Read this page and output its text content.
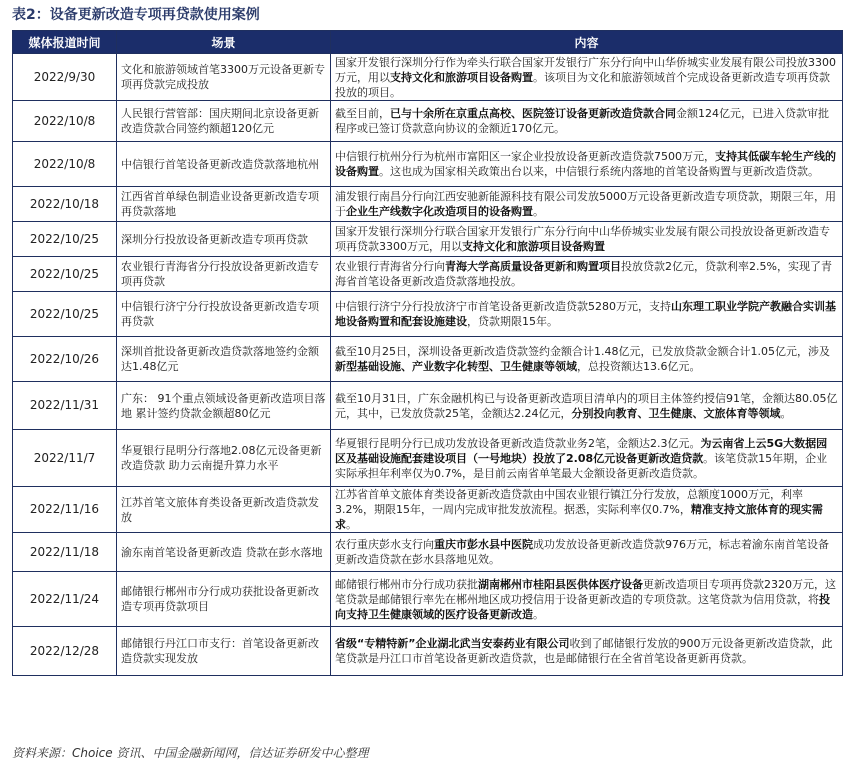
表2：设备更新改造专项再贷款使用案例
媒体报道时间	场景	内容
2022/9/30	文化和旅游领域首笔3300万元设备更新专项再贷款完成投放	国家开发银行深圳分行作为牵头行联合国家开发银行广东分行向中山华侨城实业发展有限公司投放3300万元，用以支持文化和旅游项目设备购置。该项目为文化和旅游领域首个完成设备更新改造专项再贷款投放的项目。
2022/10/8	人民银行营管部：国庆期间北京设备更新改造贷款合同签约额超120亿元	截至目前，已与十余所在京重点高校、医院签订设备更新改造贷款合同金额124亿元，已进入贷款审批程序或已签订贷款意向协议的金额近170亿元。
2022/10/8	中信银行首笔设备更新改造贷款落地杭州	中信银行杭州分行为杭州市富阳区一家企业投放设备更新改造贷款7500万元，支持其低碳车轮生产线的设备购置。这也成为国家相关政策出台以来，中信银行系统内落地的首笔设备购置与更新改造贷款。
2022/10/18	江西省首单绿色制造业设备更新改造专项再贷款落地	浦发银行南昌分行向江西安驰新能源科技有限公司发放5000万元设备更新改造专项贷款，期限三年，用于企业生产线数字化改造项目的设备购置。
2022/10/25	深圳分行投放设备更新改造专项再贷款	国家开发银行深圳分行联合国家开发银行广东分行向中山华侨城实业发展有限公司投放设备更新改造专项再贷款3300万元，用以支持文化和旅游项目设备购置
2022/10/25	农业银行青海省分行投放设备更新改造专项再贷款	农业银行青海省分行向青海大学高质量设备更新和购置项目投放贷款2亿元，贷款利率2.5%，实现了青海省首笔设备更新改造贷款落地投放。
2022/10/25	中信银行济宁分行投放设备更新改造专项再贷款	中信银行济宁分行投放济宁市首笔设备更新改造贷款5280万元，支持山东理工职业学院产教融合实训基地设备购置和配套设施建设，贷款期限15年。
2022/10/26	深圳首批设备更新改造贷款落地签约金额达1.48亿元	截至10月25日，深圳设备更新改造贷款签约金额合计1.48亿元，已发放贷款金额合计1.05亿元，涉及新型基础设施、产业数字化转型、卫生健康等领域，总投资额达13.6亿元。
2022/11/31	广东： 91个重点领域设备更新改造项目落地 累计签约贷款金额超80亿元	截至10月31日，广东金融机构已与设备更新改造项目清单内的项目主体签约授信91笔，金额达80.05亿元，其中，已发放贷款25笔，金额达2.24亿元，分别投向教育、卫生健康、文旅体育等领域。
2022/11/7	华夏银行昆明分行落地2.08亿元设备更新改造贷款 助力云南提升算力水平	华夏银行昆明分行已成功发放设备更新改造贷款业务2笔，金额达2.3亿元。为云南省上云5G大数据园区及基础设施配套建设项目（一号地块）投放了2.08亿元设备更新改造贷款。该笔贷款15年期，企业实际承担年利率仅为0.7%，是目前云南省单笔最大金额设备更新改造贷款。
2022/11/16	江苏首笔文旅体育类设备更新改造贷款发放	江苏省首单文旅体育类设备更新改造贷款由中国农业银行镇江分行发放，总额度1000万元，利率3.2%，期限15年，一周内完成审批发放流程。据悉，实际利率仅0.7%，精准支持文旅体育的现实需求。
2022/11/18	渝东南首笔设备更新改造 贷款在彭水落地	农行重庆彭水支行向重庆市彭水县中医院成功发放设备更新改造贷款976万元，标志着渝东南首笔设备更新改造贷款在彭水县落地见效。
2022/11/24	邮储银行郴州市分行成功获批设备更新改造专项再贷款项目	邮储银行郴州市分行成功获批湖南郴州市桂阳县医供体医疗设备更新改造项目专项再贷款2320万元，这笔贷款是邮储银行率先在郴州地区成功授信用于设备更新改造的专项贷款。这笔贷款为信用贷款，将投向支持卫生健康领域的医疗设备更新改造。
2022/12/28	邮储银行丹江口市支行：首笔设备更新改造贷款实现发放	省级“专精特新”企业湖北武当安泰药业有限公司收到了邮储银行发放的900万元设备更新改造贷款，此笔贷款是丹江口市首笔设备更新改造贷款，也是邮储银行在全省首笔设备更新再贷款。
资料来源：Choice 资讯、中国金融新闻网，信达证券研发中心整理
